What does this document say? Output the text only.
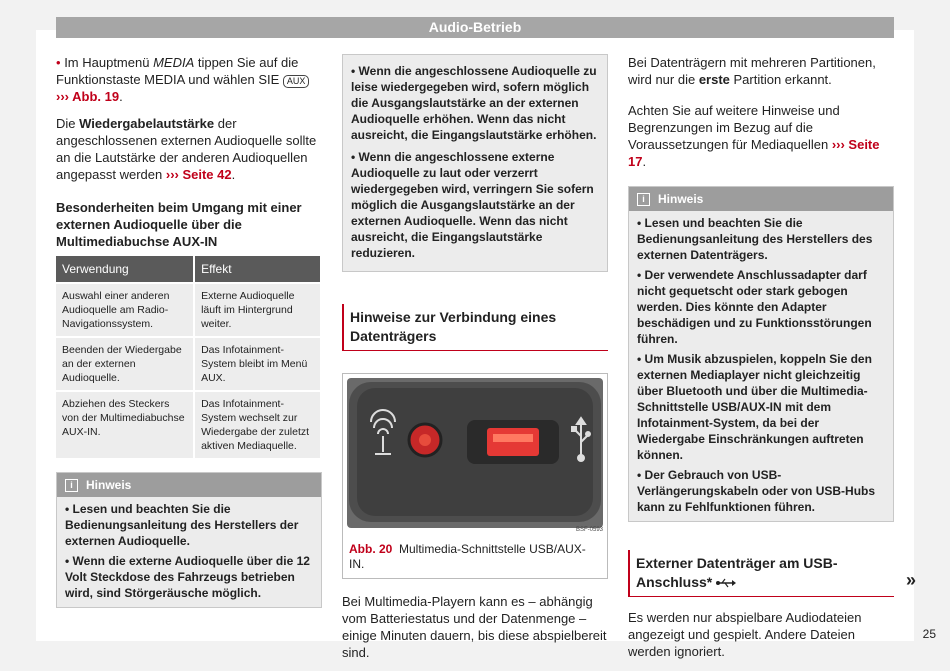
Audio-Betrieb

• Im Hauptmenü MEDIA tippen Sie auf die Funktionstaste MEDIA und wählen SIE AUX
››› Abb. 19.

Die Wiedergabelautstärke der angeschlossenen externen Audioquelle sollte an die Lautstärke der anderen Audioquellen angepasst werden ››› Seite 42.

Besonderheiten beim Umgang mit einer externen Audioquelle über die Multimediabuchse AUX-IN
Verwendung	Effekt
Auswahl einer anderen Audioquelle am Radio-Navigationssystem.	Externe Audioquelle läuft im Hintergrund weiter.
Beenden der Wiedergabe an der externen Audioquelle.	Das Infotainment-System bleibt im Menü AUX.
Abziehen des Steckers von der Multimediabuchse AUX-IN.	Das Infotainment-System wechselt zur Wiedergabe der zuletzt aktiven Mediaquelle.
i	Hinweis
• Lesen und beachten Sie die Bedienungsanleitung des Herstellers der externen Audioquelle.
• Wenn die externe Audioquelle über die 12 Volt Steckdose des Fahrzeugs betrieben wird, sind Störgeräusche möglich.
• Wenn die angeschlossene Audioquelle zu leise wiedergegeben wird, sofern möglich die Ausgangslautstärke an der externen Audioquelle erhöhen. Wenn das nicht ausreicht, die Eingangslautstärke erhöhen.
• Wenn die angeschlossene externe Audioquelle zu laut oder verzerrt wiedergegeben wird, verringern Sie sofern möglich die Ausgangslautstärke an der externen Audioquelle. Wenn das nicht ausreicht, die Eingangslautstärke reduzieren.
Hinweise zur Verbindung eines Datenträgers
BSF-0593
Abb. 20 Multimedia-Schnittstelle USB/AUX-IN.

Bei Multimedia-Playern kann es – abhängig vom Batteriestatus und der Datenmenge – einige Minuten dauern, bis diese abspielbereit sind.

Bei Datenträgern mit mehreren Partitionen, wird nur die erste Partition erkannt.

Achten Sie auf weitere Hinweise und Begrenzungen im Bezug auf die Voraussetzungen für Mediaquellen ››› Seite 17.

i	Hinweis
• Lesen und beachten Sie die Bedienungsanleitung des Herstellers des externen Datenträgers.
• Der verwendete Anschlussadapter darf nicht gequetscht oder stark gebogen werden. Dies könnte den Adapter beschädigen und zu Funktionsstörungen führen.
• Um Musik abzuspielen, koppeln Sie den externen Mediaplayer nicht gleichzeitig über Bluetooth und über die Multimedia-Schnittstelle USB/AUX-IN mit dem Infotainment-System, da bei der Wiedergabe Einschränkungen auftreten können.
• Der Gebrauch von USB-Verlängerungskabeln oder von USB-Hubs kann zu Fehlfunktionen führen.
Externer Datenträger am USB-Anschluss*

Es werden nur abspielbare Audiodateien angezeigt und gespielt. Andere Dateien werden ignoriert.

»
25
